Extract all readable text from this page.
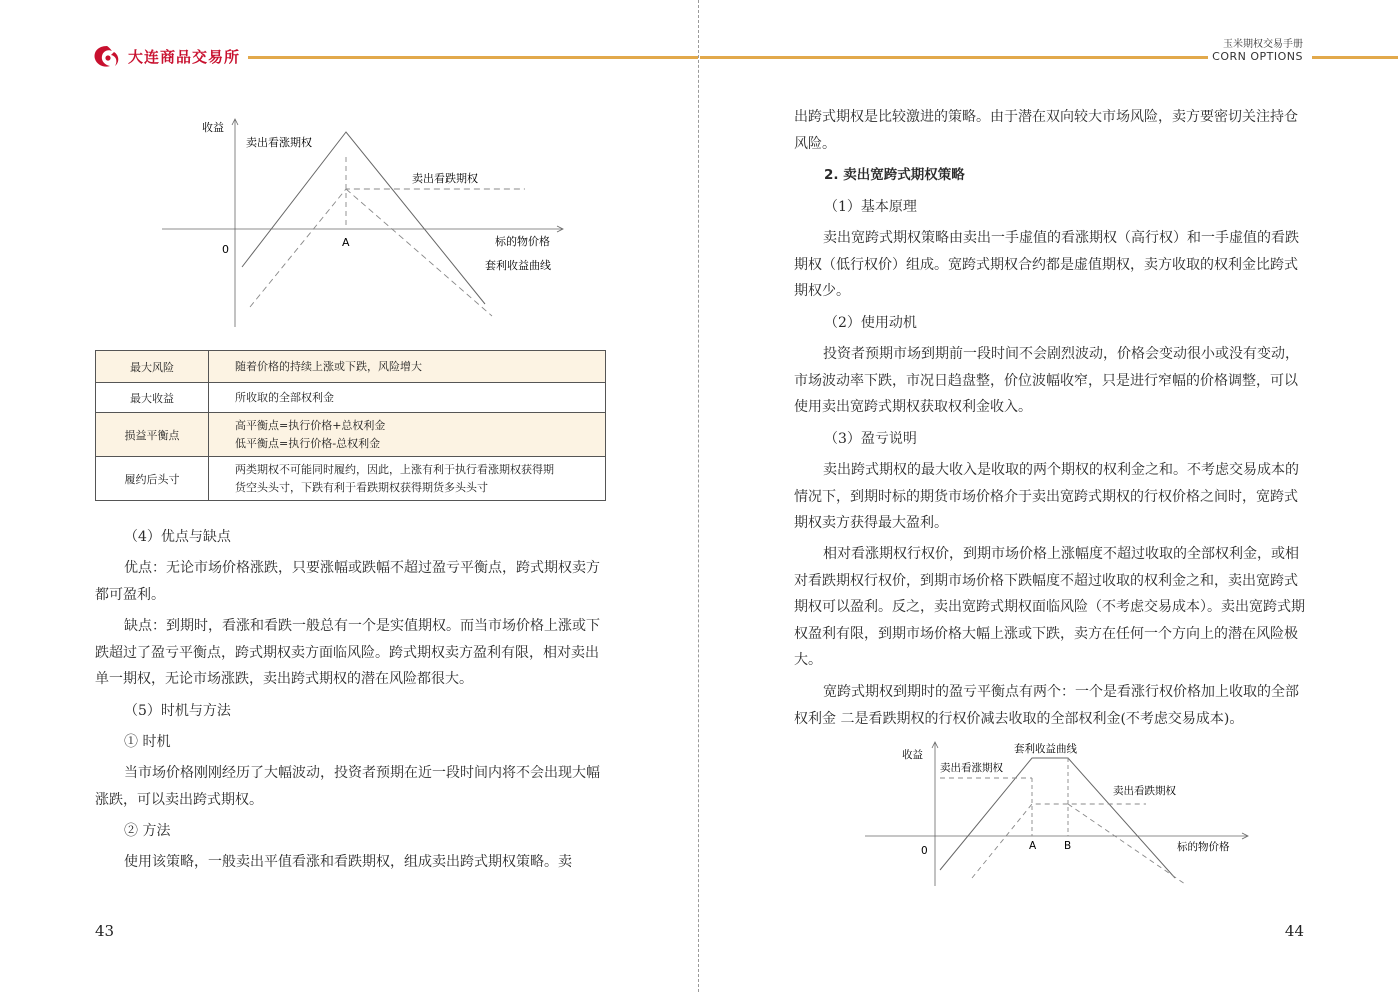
大连商品交易所
收益
0
A	标的物价格
卖出看涨期权
卖出看跌期权
套利收益曲线
最大风险	随着价格的持续上涨或下跌，风险增大
最大收益	所收取的全部权利金
损益平衡点	高平衡点=执行价格+总权利金
低平衡点=执行价格-总权利金

履约后头寸	两类期权不可能同时履约，因此，上涨有利于执行看涨期权获得期
货空头头寸，下跌有利于看跌期权获得期货多头头寸
（4）优点与缺点

优点：无论市场价格涨跌，只要涨幅或跌幅不超过盈亏平衡点，跨式期权卖方都可盈利。

缺点：到期时，看涨和看跌一般总有一个是实值期权。而当市场价格上涨或下跌超过了盈亏平衡点，跨式期权卖方面临风险。跨式期权卖方盈利有限，相对卖出单一期权，无论市场涨跌，卖出跨式期权的潜在风险都很大。

（5）时机与方法
① 时机

当市场价格刚刚经历了大幅波动，投资者预期在近一段时间内将不会出现大幅涨跌，可以卖出跨式期权。

② 方法

使用该策略，一般卖出平值看涨和看跌期权，组成卖出跨式期权策略。卖

43
玉米期权交易手册
CORN OPTIONS

出跨式期权是比较激进的策略。由于潜在双向较大市场风险，卖方要密切关注持仓风险。

2. 卖出宽跨式期权策略
（1）基本原理

卖出宽跨式期权策略由卖出一手虚值的看涨期权（高行权）和一手虚值的看跌期权（低行权价）组成。宽跨式期权合约都是虚值期权，卖方收取的权利金比跨式期权少。

（2）使用动机

投资者预期市场到期前一段时间不会剧烈波动，价格会变动很小或没有变动，市场波动率下跌，市况日趋盘整，价位波幅收窄，只是进行窄幅的价格调整，可以使用卖出宽跨式期权获取权利金收入。

（3）盈亏说明

卖出跨式期权的最大收入是收取的两个期权的权利金之和。不考虑交易成本的情况下，到期时标的期货市场价格介于卖出宽跨式期权的行权价格之间时，宽跨式期权卖方获得最大盈利。

相对看涨期权行权价，到期市场价格上涨幅度不超过收取的全部权利金，或相对看跌期权行权价，到期市场价格下跌幅度不超过收取的权利金之和，卖出宽跨式期权可以盈利。反之，卖出宽跨式期权面临风险（不考虑交易成本）。卖出宽跨式期权盈利有限，到期市场价格大幅上涨或下跌，卖方在任何一个方向上的潜在风险极大。

宽跨式期权到期时的盈亏平衡点有两个：一个是看涨行权价格加上收取的全部权利金 二是看跌期权的行权价减去收取的全部权利金(不考虑交易成本)。

收益	套利收益曲线
卖出看涨期权
卖出看跌期权
0	A	B	标的物价格
44
